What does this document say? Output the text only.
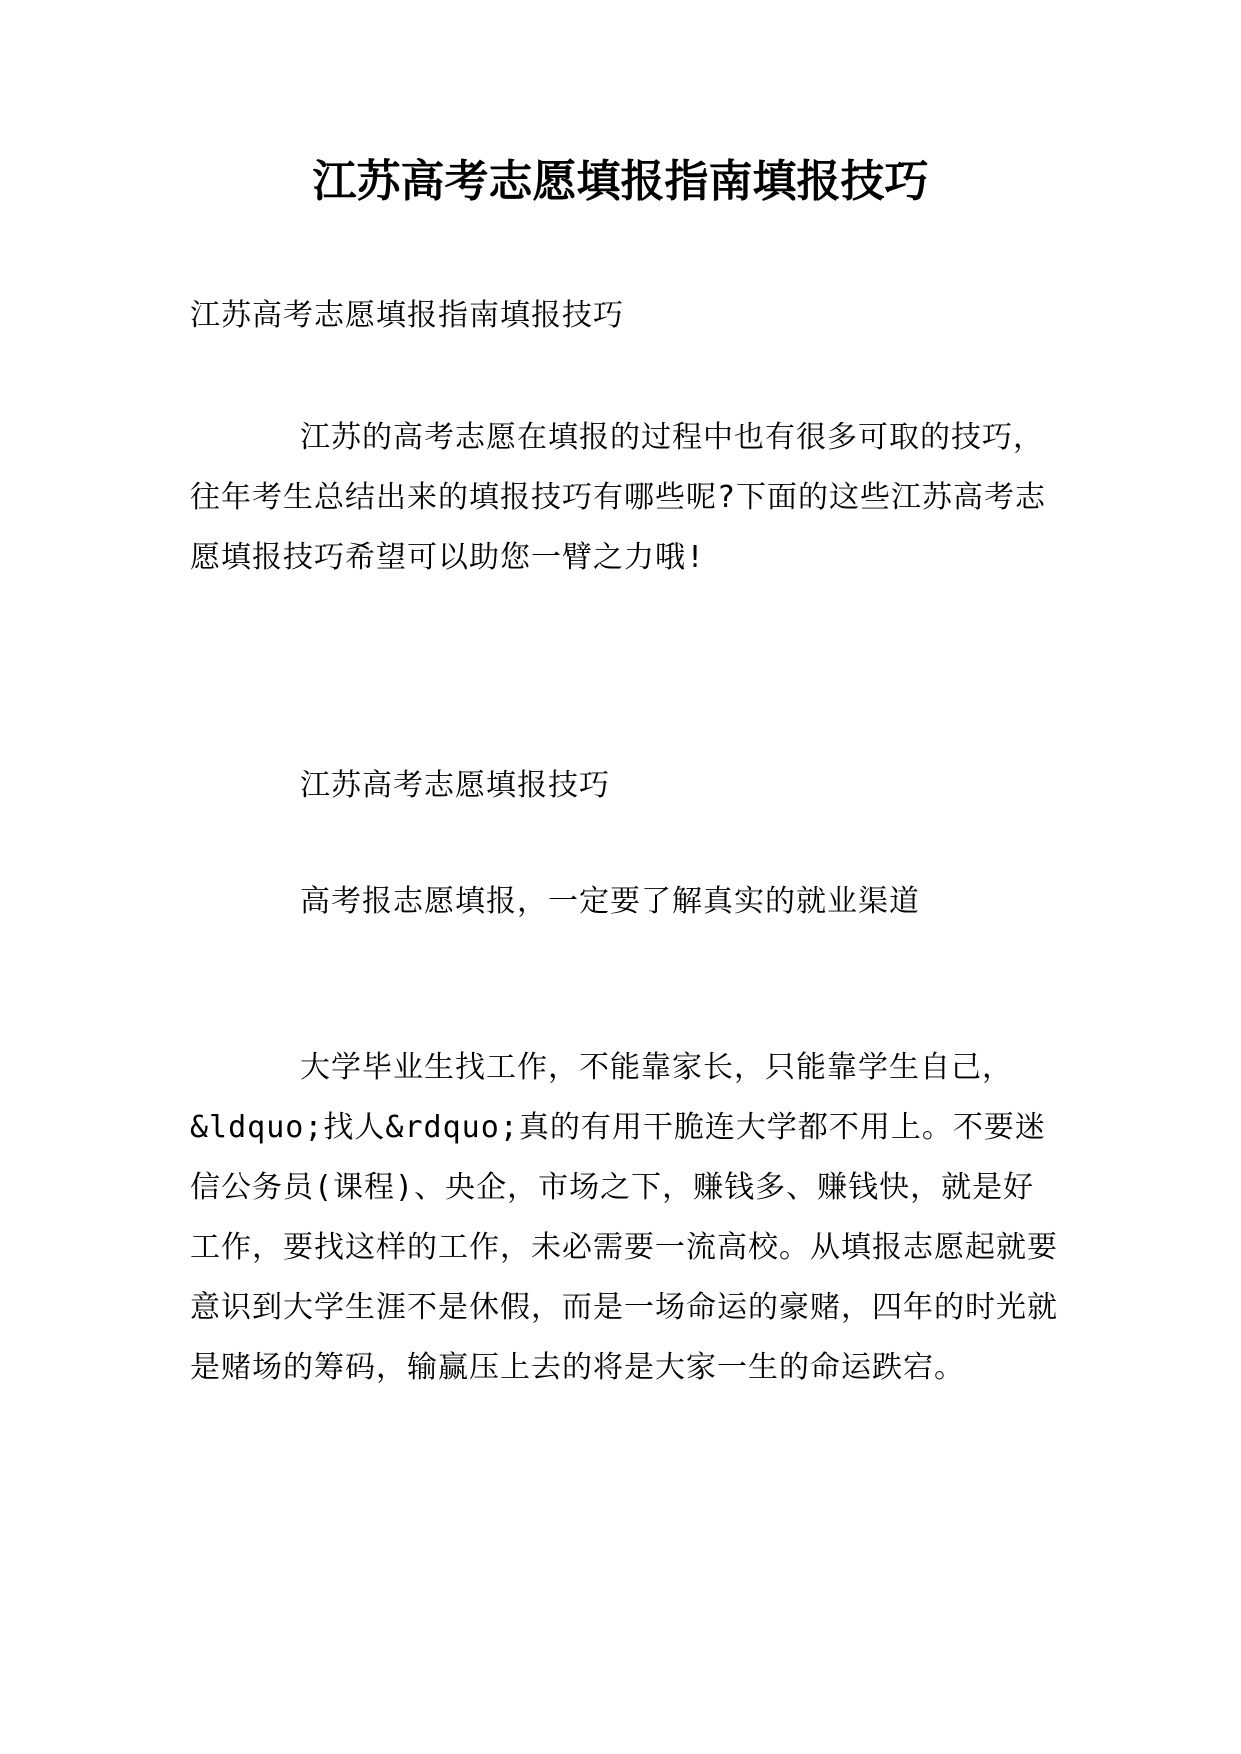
江苏高考志愿填报指南填报技巧

江苏高考志愿填报指南填报技巧

江苏的高考志愿在填报的过程中也有很多可取的技巧，往年考生总结出来的填报技巧有哪些呢?下面的这些江苏高考志愿填报技巧希望可以助您一臂之力哦!

江苏高考志愿填报技巧

高考报志愿填报，一定要了解真实的就业渠道

大学毕业生找工作，不能靠家长，只能靠学生自己，&ldquo;找人&rdquo;真的有用干脆连大学都不用上。不要迷信公务员(课程)、央企，市场之下，赚钱多、赚钱快，就是好工作，要找这样的工作，未必需要一流高校。从填报志愿起就要意识到大学生涯不是休假，而是一场命运的豪赌，四年的时光就是赌场的筹码，输赢压上去的将是大家一生的命运跌宕。
